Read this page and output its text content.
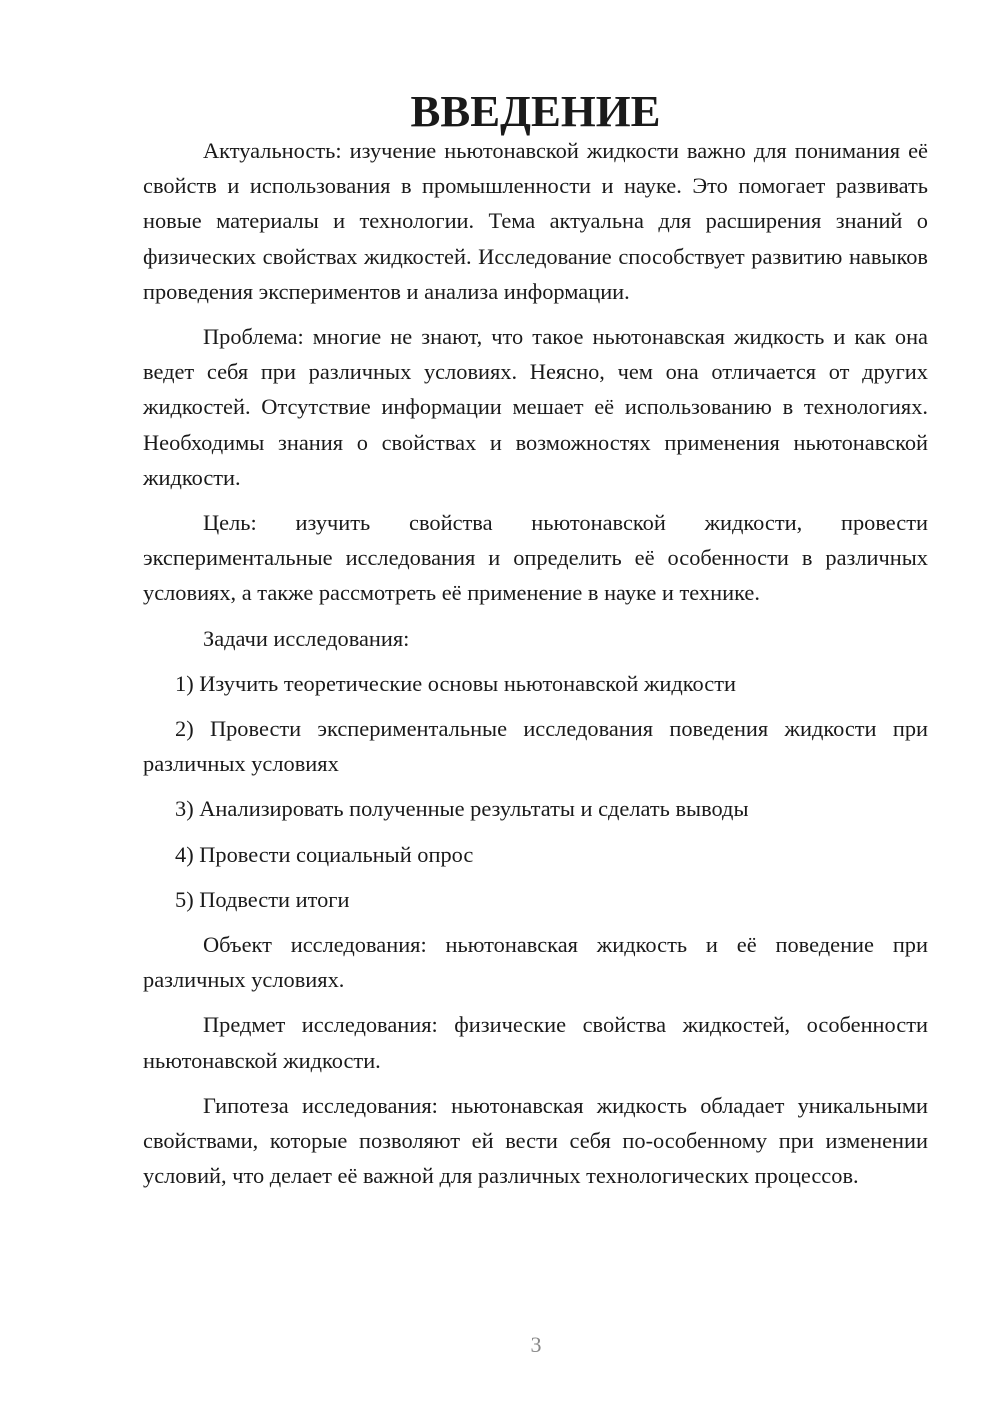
ВВЕДЕНИЕ

Актуальность: изучение ньютонавской жидкости важно для понимания её свойств и использования в промышленности и науке. Это помогает развивать новые материалы и технологии. Тема актуальна для расширения знаний о физических свойствах жидкостей. Исследование способствует развитию навыков проведения экспериментов и анализа информации.

Проблема: многие не знают, что такое ньютонавская жидкость и как она ведет себя при различных условиях. Неясно, чем она отличается от других жидкостей. Отсутствие информации мешает её использованию в технологиях. Необходимы знания о свойствах и возможностях применения ньютонавской жидкости.

Цель: изучить свойства ньютонавской жидкости, провести экспериментальные исследования и определить её особенности в различных условиях, а также рассмотреть её применение в науке и технике.

Задачи исследования:

1) Изучить теоретические основы ньютонавской жидкости

2) Провести экспериментальные исследования поведения жидкости при различных условиях

3) Анализировать полученные результаты и сделать выводы

4) Провести социальный опрос

5) Подвести итоги

Объект исследования: ньютонавская жидкость и её поведение при различных условиях.

Предмет исследования: физические свойства жидкостей, особенности ньютонавской жидкости.

Гипотеза исследования: ньютонавская жидкость обладает уникальными свойствами, которые позволяют ей вести себя по-особенному при изменении условий, что делает её важной для различных технологических процессов.

3
